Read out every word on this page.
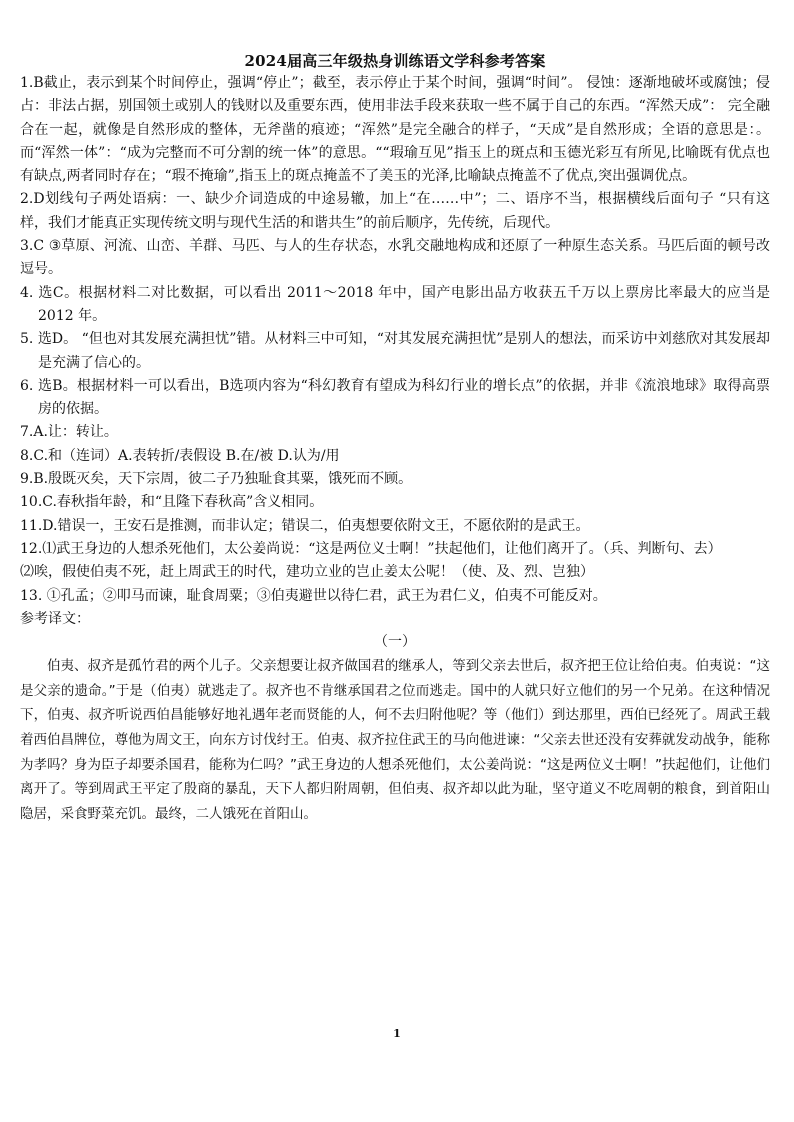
2024届高三年级热身训练语文学科参考答案

1.B截止，表示到某个时间停止，强调“停止”；截至，表示停止于某个时间，强调“时间”。 侵蚀：逐渐地破坏或腐蚀；侵占：非法占据，别国领土或别人的钱财以及重要东西，使用非法手段来获取一些不属于自己的东西。“浑然天成”： 完全融合在一起，就像是自然形成的整体，无斧凿的痕迹；“浑然”是完全融合的样子，“天成”是自然形成；全语的意思是：。而“浑然一体”：“成为完整而不可分割的统一体”的意思。““瑕瑜互见”指玉上的斑点和玉德光彩互有所见,比喻既有优点也有缺点,两者同时存在；“瑕不掩瑜”,指玉上的斑点掩盖不了美玉的光泽,比喻缺点掩盖不了优点,突出强调优点。

2.D划线句子两处语病：一、缺少介词造成的中途易辙，加上“在……中”；二、语序不当，根据横线后面句子 “只有这样，我们才能真正实现传统文明与现代生活的和谐共生”的前后顺序，先传统，后现代。

3.C ③草原、河流、山峦、羊群、马匹、与人的生存状态，水乳交融地构成和还原了一种原生态关系。马匹后面的顿号改逗号。

4. 选C。根据材料二对比数据，可以看出 2011～2018 年中，国产电影出品方收获五千万以上票房比率最大的应当是 2012 年。

5. 选D。 “但也对其发展充满担忧”错。从材料三中可知，“对其发展充满担忧”是别人的想法，而采访中刘慈欣对其发展却是充满了信心的。

6. 选B。根据材料一可以看出，B选项内容为“科幻教育有望成为科幻行业的增长点”的依据，并非《流浪地球》取得高票房的依据。

7.A.让：转让。

8.C.和（连词）A.表转折/表假设 B.在/被 D.认为/用

9.B.殷既灭矣，天下宗周，彼二子乃独耻食其粟，饿死而不顾。

10.C.春秋指年龄，和“且隆下春秋高”含义相同。

11.D.错误一，王安石是推测，而非认定；错误二，伯夷想要依附文王，不愿依附的是武王。

12.⑴武王身边的人想杀死他们，太公姜尚说：“这是两位义士啊！”扶起他们，让他们离开了。（兵、判断句、去）

⑵唉，假使伯夷不死，赶上周武王的时代，建功立业的岂止姜太公呢！（使、及、烈、岂独）

13. ①孔孟；②叩马而谏，耻食周粟；③伯夷避世以待仁君，武王为君仁义，伯夷不可能反对。

参考译文：
（一）

伯夷、叔齐是孤竹君的两个儿子。父亲想要让叔齐做国君的继承人，等到父亲去世后，叔齐把王位让给伯夷。伯夷说：“这是父亲的遗命。”于是（伯夷）就逃走了。叔齐也不肯继承国君之位而逃走。国中的人就只好立他们的另一个兄弟。在这种情况下，伯夷、叔齐听说西伯昌能够好地礼遇年老而贤能的人，何不去归附他呢？等（他们）到达那里，西伯已经死了。周武王载着西伯昌牌位，尊他为周文王，向东方讨伐纣王。伯夷、叔齐拉住武王的马向他进谏：“父亲去世还没有安葬就发动战争，能称为孝吗？身为臣子却要杀国君，能称为仁吗？”武王身边的人想杀死他们，太公姜尚说：“这是两位义士啊！”扶起他们，让他们离开了。等到周武王平定了殷商的暴乱，天下人都归附周朝，但伯夷、叔齐却以此为耻，坚守道义不吃周朝的粮食，到首阳山隐居，采食野菜充饥。最终，二人饿死在首阳山。

1
